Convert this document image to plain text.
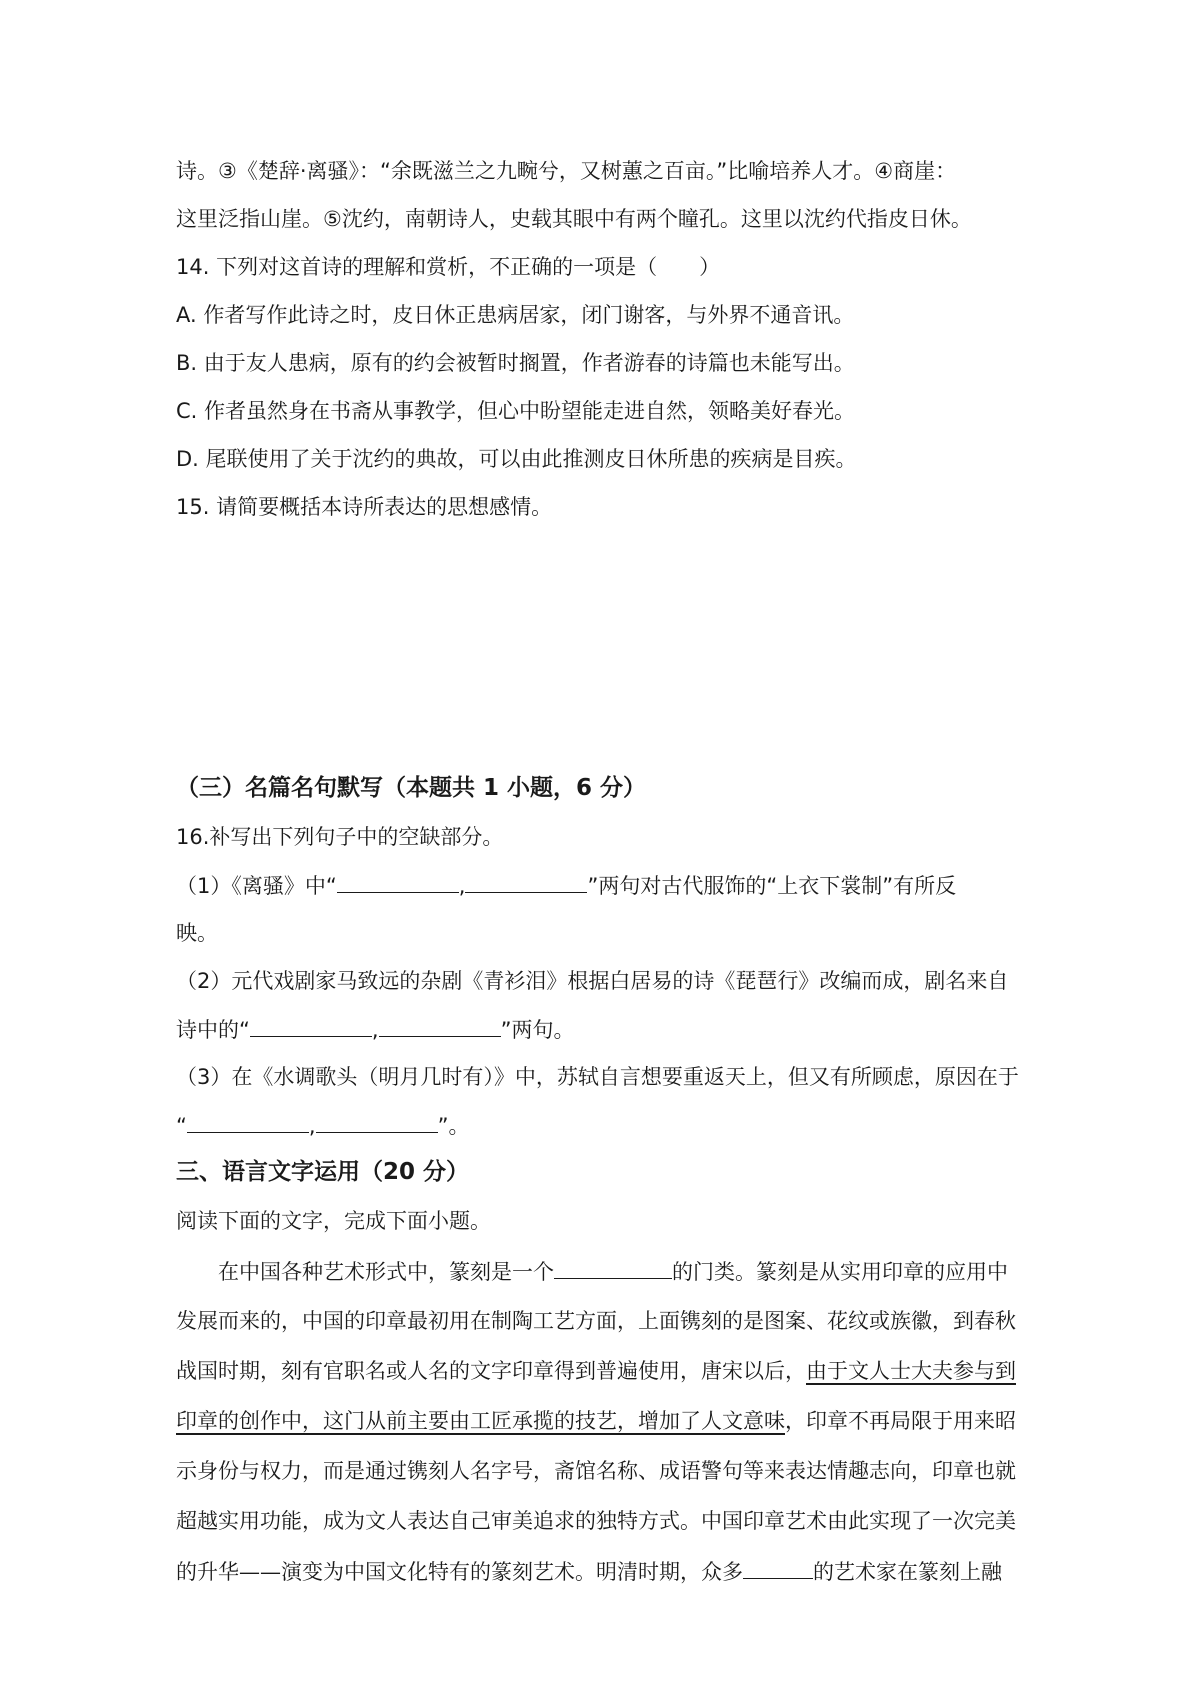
诗。③《楚辞·离骚》：“余既滋兰之九畹兮，又树蕙之百亩。”比喻培养人才。④商崖：
这里泛指山崖。⑤沈约，南朝诗人，史载其眼中有两个瞳孔。这里以沈约代指皮日休。
14. 下列对这首诗的理解和赏析，不正确的一项是（　　）
A. 作者写作此诗之时，皮日休正患病居家，闭门谢客，与外界不通音讯。
B. 由于友人患病，原有的约会被暂时搁置，作者游春的诗篇也未能写出。
C. 作者虽然身在书斋从事教学，但心中盼望能走进自然，领略美好春光。
D. 尾联使用了关于沈约的典故，可以由此推测皮日休所患的疾病是目疾。
15. 请简要概括本诗所表达的思想感情。
（三）名篇名句默写（本题共 1 小题，6 分）
16.补写出下列句子中的空缺部分。
（1）《离骚》中“	,	”两句对古代服饰的“上衣下裳制”有所反
映。
（2）元代戏剧家马致远的杂剧《青衫泪》根据白居易的诗《琵琶行》改编而成，剧名来自
诗中的“	,	”两句。
（3）在《水调歌头（明月几时有）》中，苏轼自言想要重返天上，但又有所顾虑，原因在于
“	,	”。
三、语言文字运用（20 分）
阅读下面的文字，完成下面小题。
在中国各种艺术形式中，篆刻是一个	的门类。篆刻是从实用印章的应用中
发展而来的，中国的印章最初用在制陶工艺方面，上面镌刻的是图案、花纹或族徽，到春秋
战国时期，刻有官职名或人名的文字印章得到普遍使用，唐宋以后，由于文人士大夫参与到
印章的创作中，这门从前主要由工匠承揽的技艺，增加了人文意味，印章不再局限于用来昭
示身份与权力，而是通过镌刻人名字号，斋馆名称、成语警句等来表达情趣志向，印章也就
超越实用功能，成为文人表达自己审美追求的独特方式。中国印章艺术由此实现了一次完美
的升华——演变为中国文化特有的篆刻艺术。明清时期，众多	的艺术家在篆刻上融
